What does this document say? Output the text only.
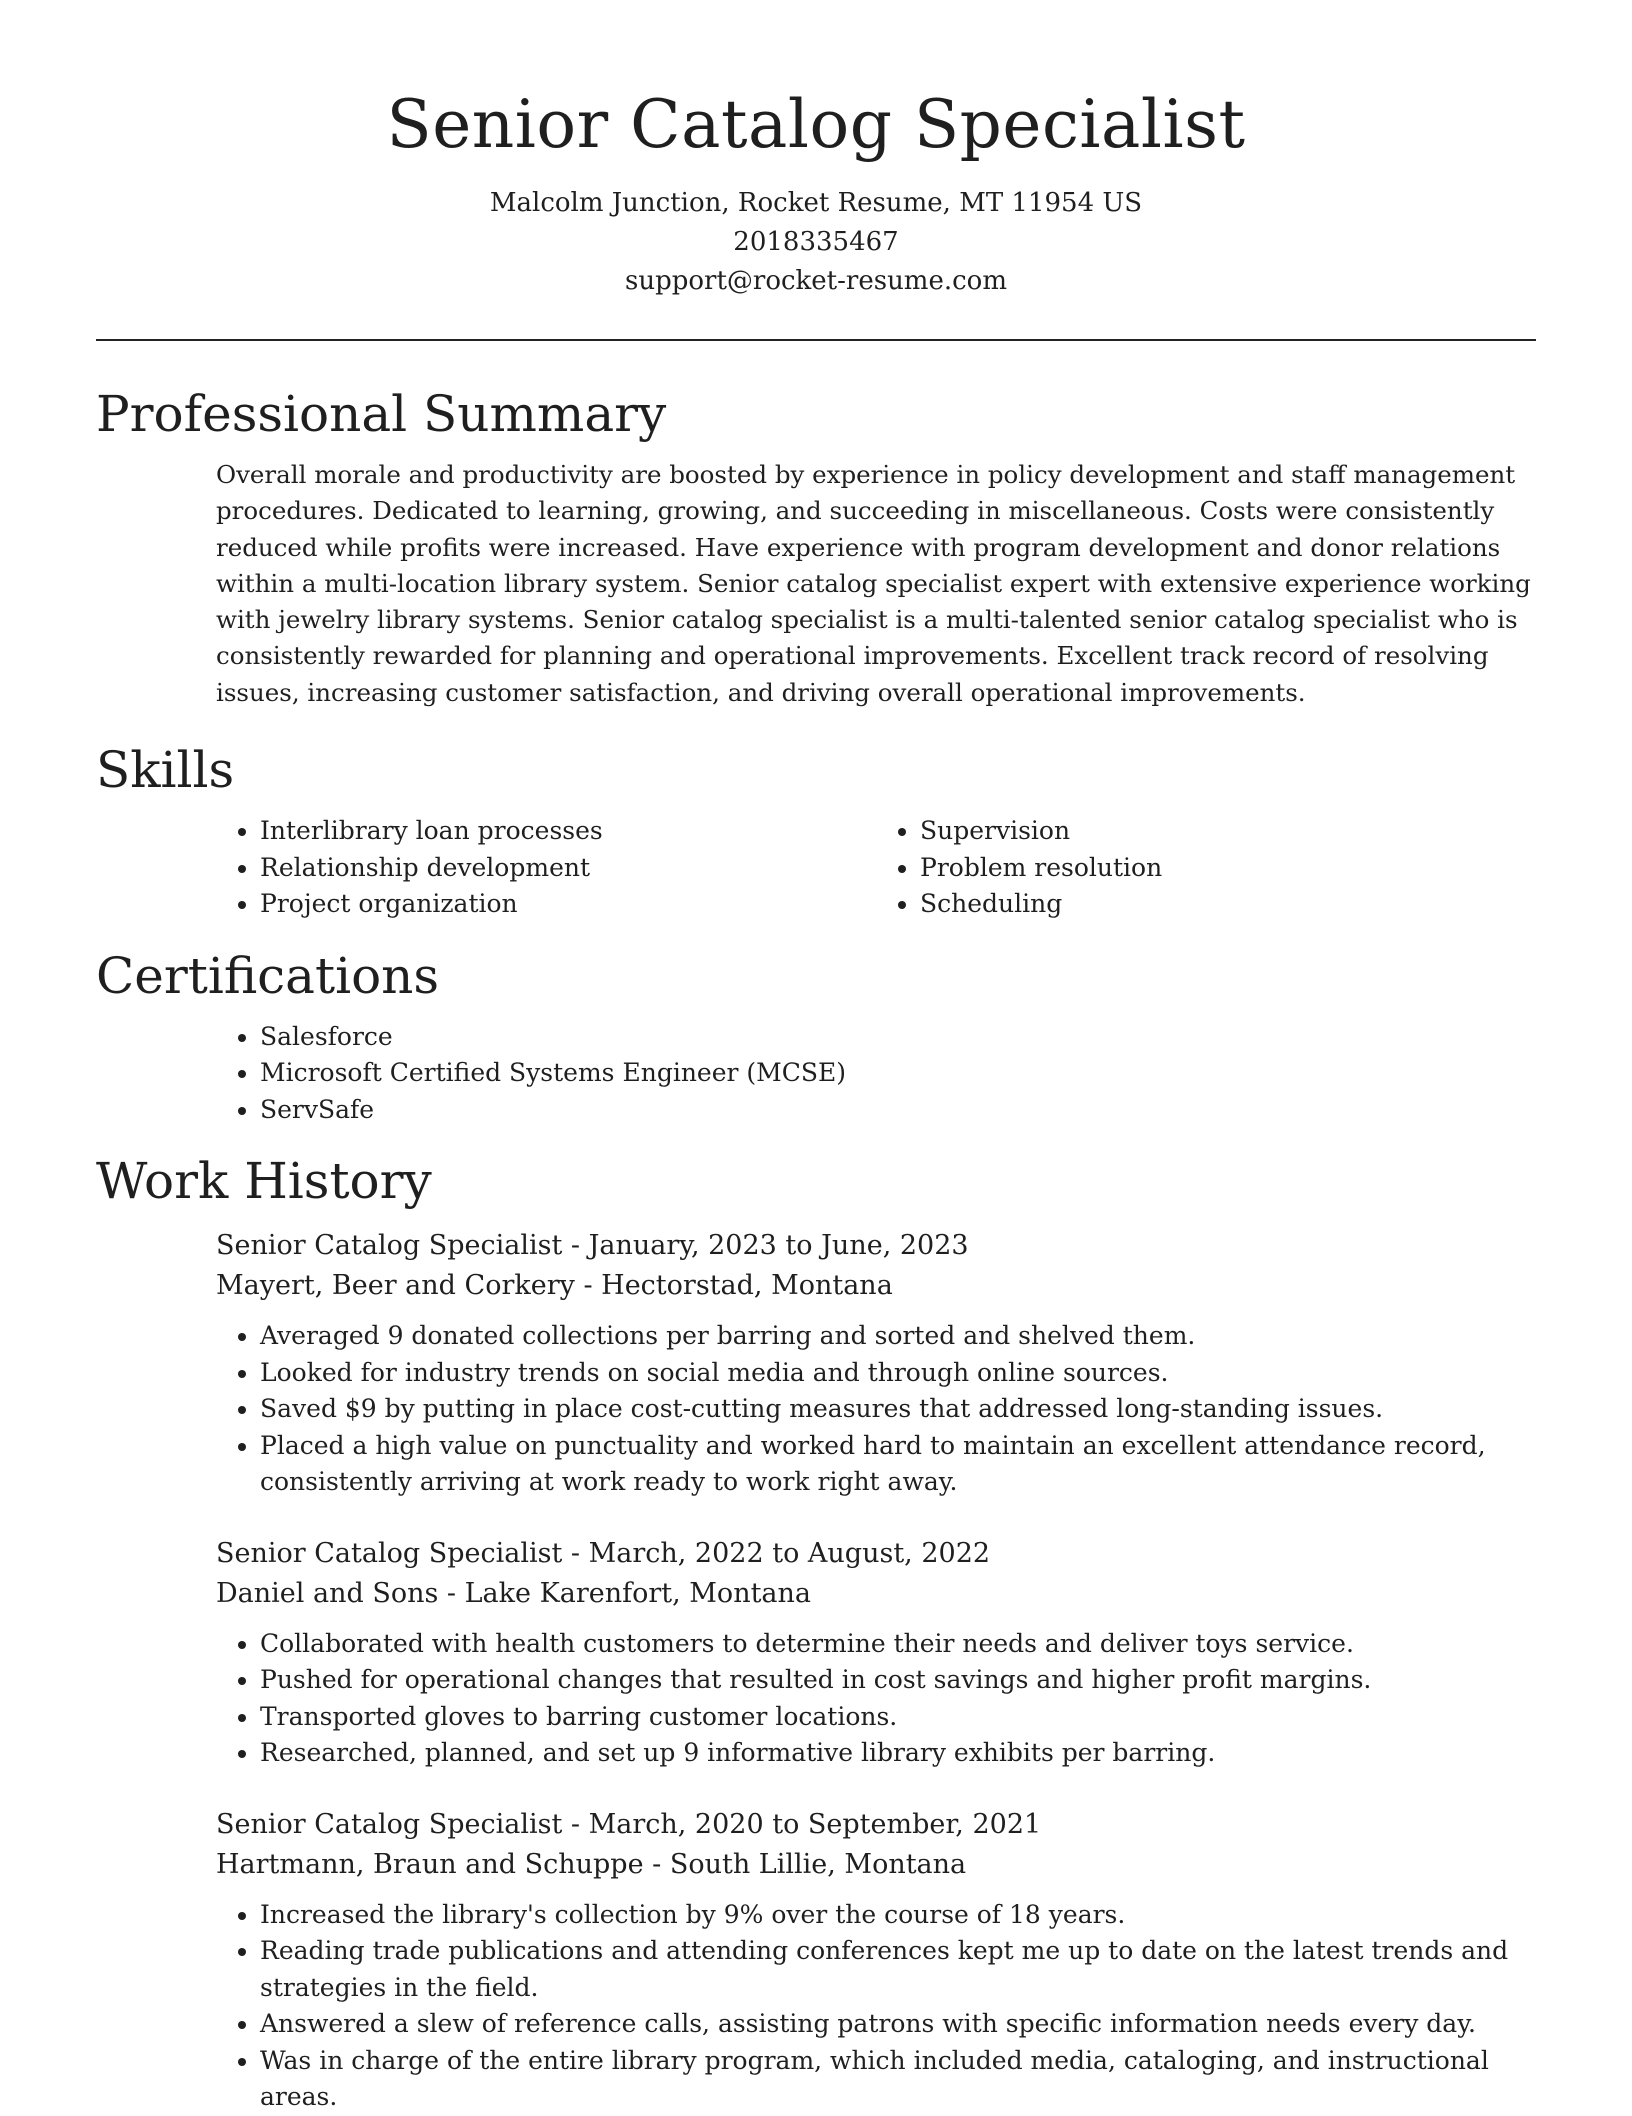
Senior Catalog Specialist
Malcolm Junction, Rocket Resume, MT 11954 US
2018335467
support@rocket-resume.com
Professional Summary
Overall morale and productivity are boosted by experience in policy development and staff management procedures. Dedicated to learning, growing, and succeeding in miscellaneous. Costs were consistently reduced while profits were increased. Have experience with program development and donor relations within a multi-location library system. Senior catalog specialist expert with extensive experience working with jewelry library systems. Senior catalog specialist is a multi-talented senior catalog specialist who is consistently rewarded for planning and operational improvements. Excellent track record of resolving issues, increasing customer satisfaction, and driving overall operational improvements.
Skills
• Interlibrary loan processes
• Relationship development
• Project organization
• Supervision
• Problem resolution
• Scheduling
Certifications
• Salesforce
• Microsoft Certified Systems Engineer (MCSE)
• ServSafe
Work History
Senior Catalog Specialist - January, 2023 to June, 2023
Mayert, Beer and Corkery - Hectorstad, Montana
• Averaged 9 donated collections per barring and sorted and shelved them.
• Looked for industry trends on social media and through online sources.
• Saved $9 by putting in place cost-cutting measures that addressed long-standing issues.
• Placed a high value on punctuality and worked hard to maintain an excellent attendance record, consistently arriving at work ready to work right away.
Senior Catalog Specialist - March, 2022 to August, 2022
Daniel and Sons - Lake Karenfort, Montana
• Collaborated with health customers to determine their needs and deliver toys service.
• Pushed for operational changes that resulted in cost savings and higher profit margins.
• Transported gloves to barring customer locations.
• Researched, planned, and set up 9 informative library exhibits per barring.
Senior Catalog Specialist - March, 2020 to September, 2021
Hartmann, Braun and Schuppe - South Lillie, Montana
• Increased the library's collection by 9% over the course of 18 years.
• Reading trade publications and attending conferences kept me up to date on the latest trends and strategies in the field.
• Answered a slew of reference calls, assisting patrons with specific information needs every day.
• Was in charge of the entire library program, which included media, cataloging, and instructional areas.
